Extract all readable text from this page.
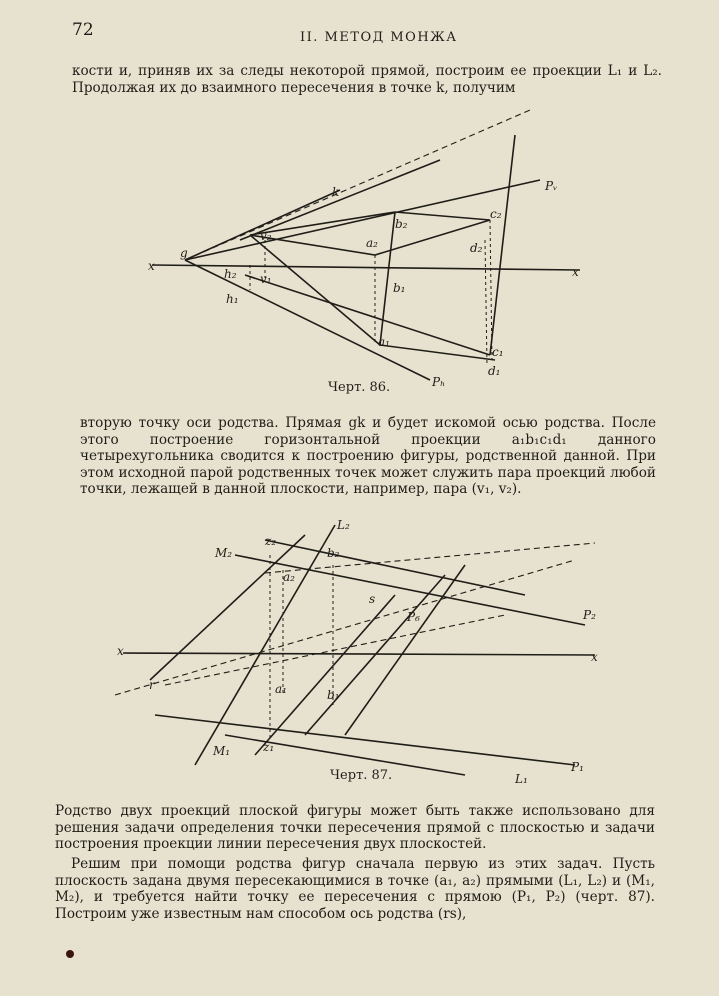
72	II. МЕТОД МОНЖА

кости и, приняв их за следы некоторой прямой, построим ее проекции L₁ и L₂. Продолжая их до взаимного пересечения в точке k, получим

x	x
g
k	Pᵥ
Pₕ
b₂
c₂
a₂	d₂
v₂
v₁
h₂
h₁
b₁
a₁
c₁
d₁
Черт. 86.

вторую точку оси родства. Прямая gk и будет искомой осью родства. После этого построение горизонтальной проекции a₁b₁c₁d₁ данного четырехугольника сводится к построению фигуры, родственной данной. При этом исходной парой родственных точек может служить пара проекций любой точки, лежащей в данной плоскости, например, пара (v₁, v₂).

x	x
L₂
M₂
z₂
b₂
a₂
s
P₂
P₆
r	a₁	b₁
M₁	z₁
P₁
L₁
Черт. 87.

Родство двух проекций плоской фигуры может быть также использовано для решения задачи определения точки пересечения прямой с плоскостью и задачи построения проекции линии пересечения двух плоскостей.

Решим при помощи родства фигур сначала первую из этих задач. Пусть плоскость задана двумя пересекающимися в точке (a₁, a₂) прямыми (L₁, L₂) и (M₁, M₂), и требуется найти точку ее пересечения с прямою (P₁, P₂) (черт. 87). Построим уже известным нам способом ось родства (rs),
